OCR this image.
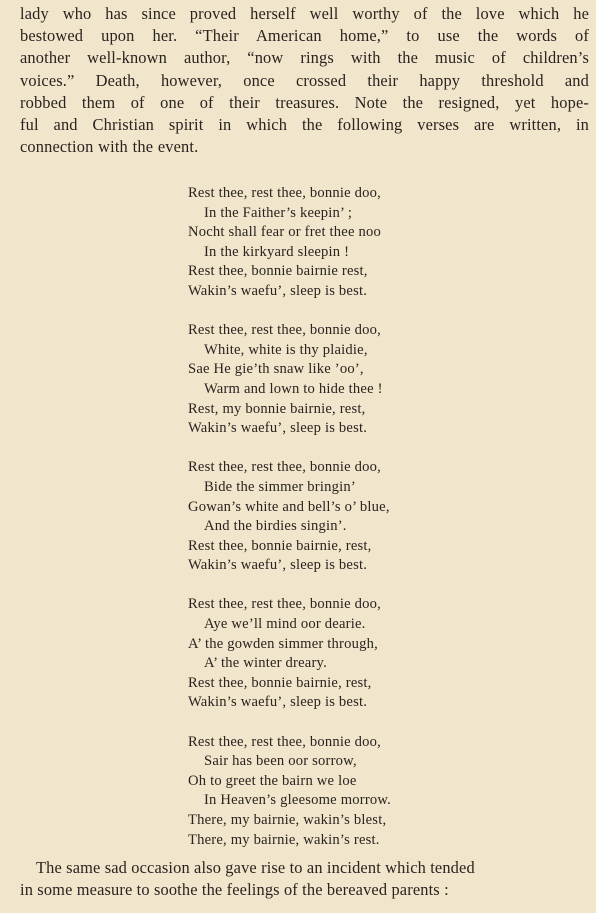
lady who has since proved herself well worthy of the love which he
bestowed upon her. “Their American home,” to use the words of
another well-known author, “now rings with the music of children’s
voices.” Death, however, once crossed their happy threshold and
robbed them of one of their treasures. Note the resigned, yet hope-
ful and Christian spirit in which the following verses are written, in
connection with the event.

Rest thee, rest thee, bonnie doo,
In the Faither’s keepin’ ;
Nocht shall fear or fret thee noo
In the kirkyard sleepin !
Rest thee, bonnie bairnie rest,
Wakin’s waefu’, sleep is best.
Rest thee, rest thee, bonnie doo,
White, white is thy plaidie,
Sae He gie’th snaw like ’oo’,
Warm and lown to hide thee !
Rest, my bonnie bairnie, rest,
Wakin’s waefu’, sleep is best.
Rest thee, rest thee, bonnie doo,
Bide the simmer bringin’
Gowan’s white and bell’s o’ blue,
And the birdies singin’.
Rest thee, bonnie bairnie, rest,
Wakin’s waefu’, sleep is best.
Rest thee, rest thee, bonnie doo,
Aye we’ll mind oor dearie.
A’ the gowden simmer through,
A’ the winter dreary.
Rest thee, bonnie bairnie, rest,
Wakin’s waefu’, sleep is best.
Rest thee, rest thee, bonnie doo,
Sair has been oor sorrow,
Oh to greet the bairn we loe
In Heaven’s gleesome morrow.
There, my bairnie, wakin’s blest,
There, my bairnie, wakin’s rest.

The same sad occasion also gave rise to an incident which tended
in some measure to soothe the feelings of the bereaved parents :
